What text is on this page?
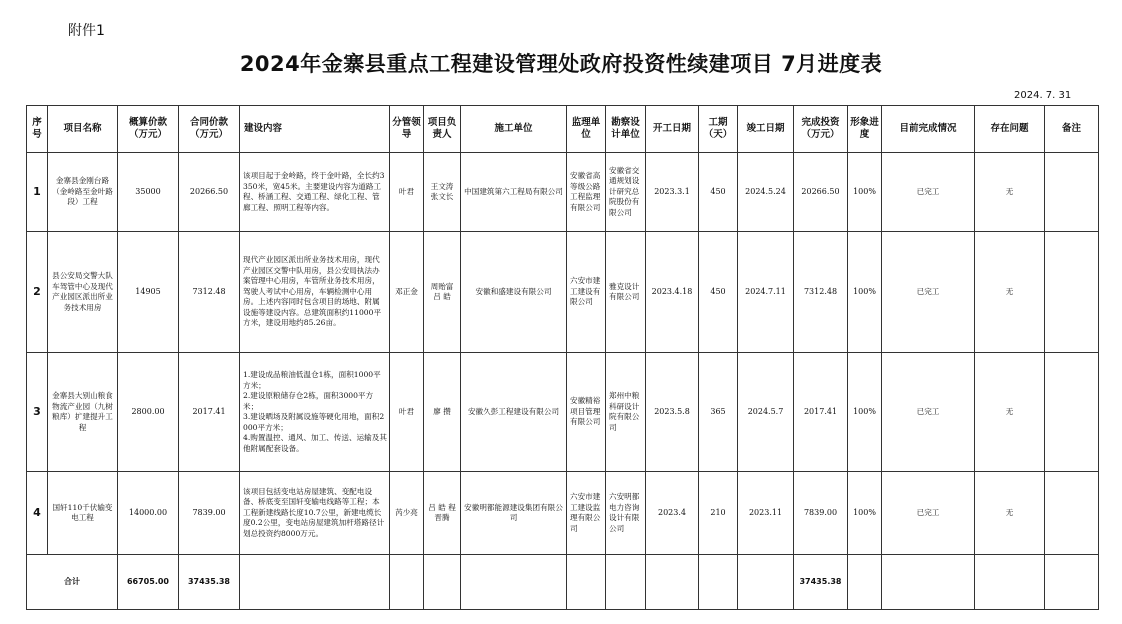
附件1
2024年金寨县重点工程建设管理处政府投资性续建项目 7月进度表
2024. 7. 31
序号	项目名称	概算价款（万元）	合同价款（万元）	建设内容	分管领导	项目负责人	施工单位	监理单位	勘察设计单位	开工日期	工期（天）	竣工日期	完成投资（万元）	形象进度	目前完成情况	存在问题	备注
1	金寨县金刚台路（金岭路至金叶路段）工程	35000	20266.50	该项目起于金岭路，终于金叶路，全长约3350米，宽45米。主要建设内容为道路工程、桥涵工程、交通工程、绿化工程、管廊工程、照明工程等内容。	叶君	王文涛 张文长	中国建筑第六工程局有限公司	安徽省高等级公路工程监理有限公司	安徽省交通规划设计研究总院股份有限公司	2023.3.1	450	2024.5.24	20266.50	100%	已完工	无	
2	县公安局交警大队车驾管中心及现代产业园区派出所业务技术用房	14905	7312.48	现代产业园区派出所业务技术用房，现代产业园区交警中队用房，县公安局执法办案管理中心用房，车管所业务技术用房，驾驶人考试中心用房，车辆检测中心用房。上述内容同时包含项目的场地、附属设施等建设内容。总建筑面积约11000平方米，建设用地约85.26亩。	邓正金	周贻富 吕 皓	安徽和盛建设有限公司	六安市建工建设有限公司	雅克设计有限公司	2023.4.18	450	2024.7.11	7312.48	100%	已完工	无	
3	金寨县大别山粮食物流产业园（九树粮库）扩建提升工程	2800.00	2017.41	1.建设成品粮油低温仓1栋，面积1000平方米；
2.建设原粮储存仓2栋，面积3000平方米；
3.建设晒场及附属设施等硬化用地，面积2000平方米；
4.购置温控、通风、加工、传送、运输及其他附属配套设备。	叶君	廖 攒	安徽久彭工程建设有限公司	安徽精裕项目管理有限公司	郑州中粮科研设计院有限公司	2023.5.8	365	2024.5.7	2017.41	100%	已完工	无	
4	国轩110千伏输变电工程	14000.00	7839.00	该项目包括变电站房屋建筑、变配电设备、桥底变至国轩变输电线路等工程；本工程新建线路长度10.7公里，新建电缆长度0.2公里，变电站房屋建筑加杆塔路径计划总投资约8000万元。	芮少亮	吕 皓 程晋腾	安徽明都能源建设集团有限公司	六安市建工建设监理有限公司	六安明都电力咨询设计有限公司	2023.4	210	2023.11	7839.00	100%	已完工	无	
合计		66705.00	37435.38										37435.38				
